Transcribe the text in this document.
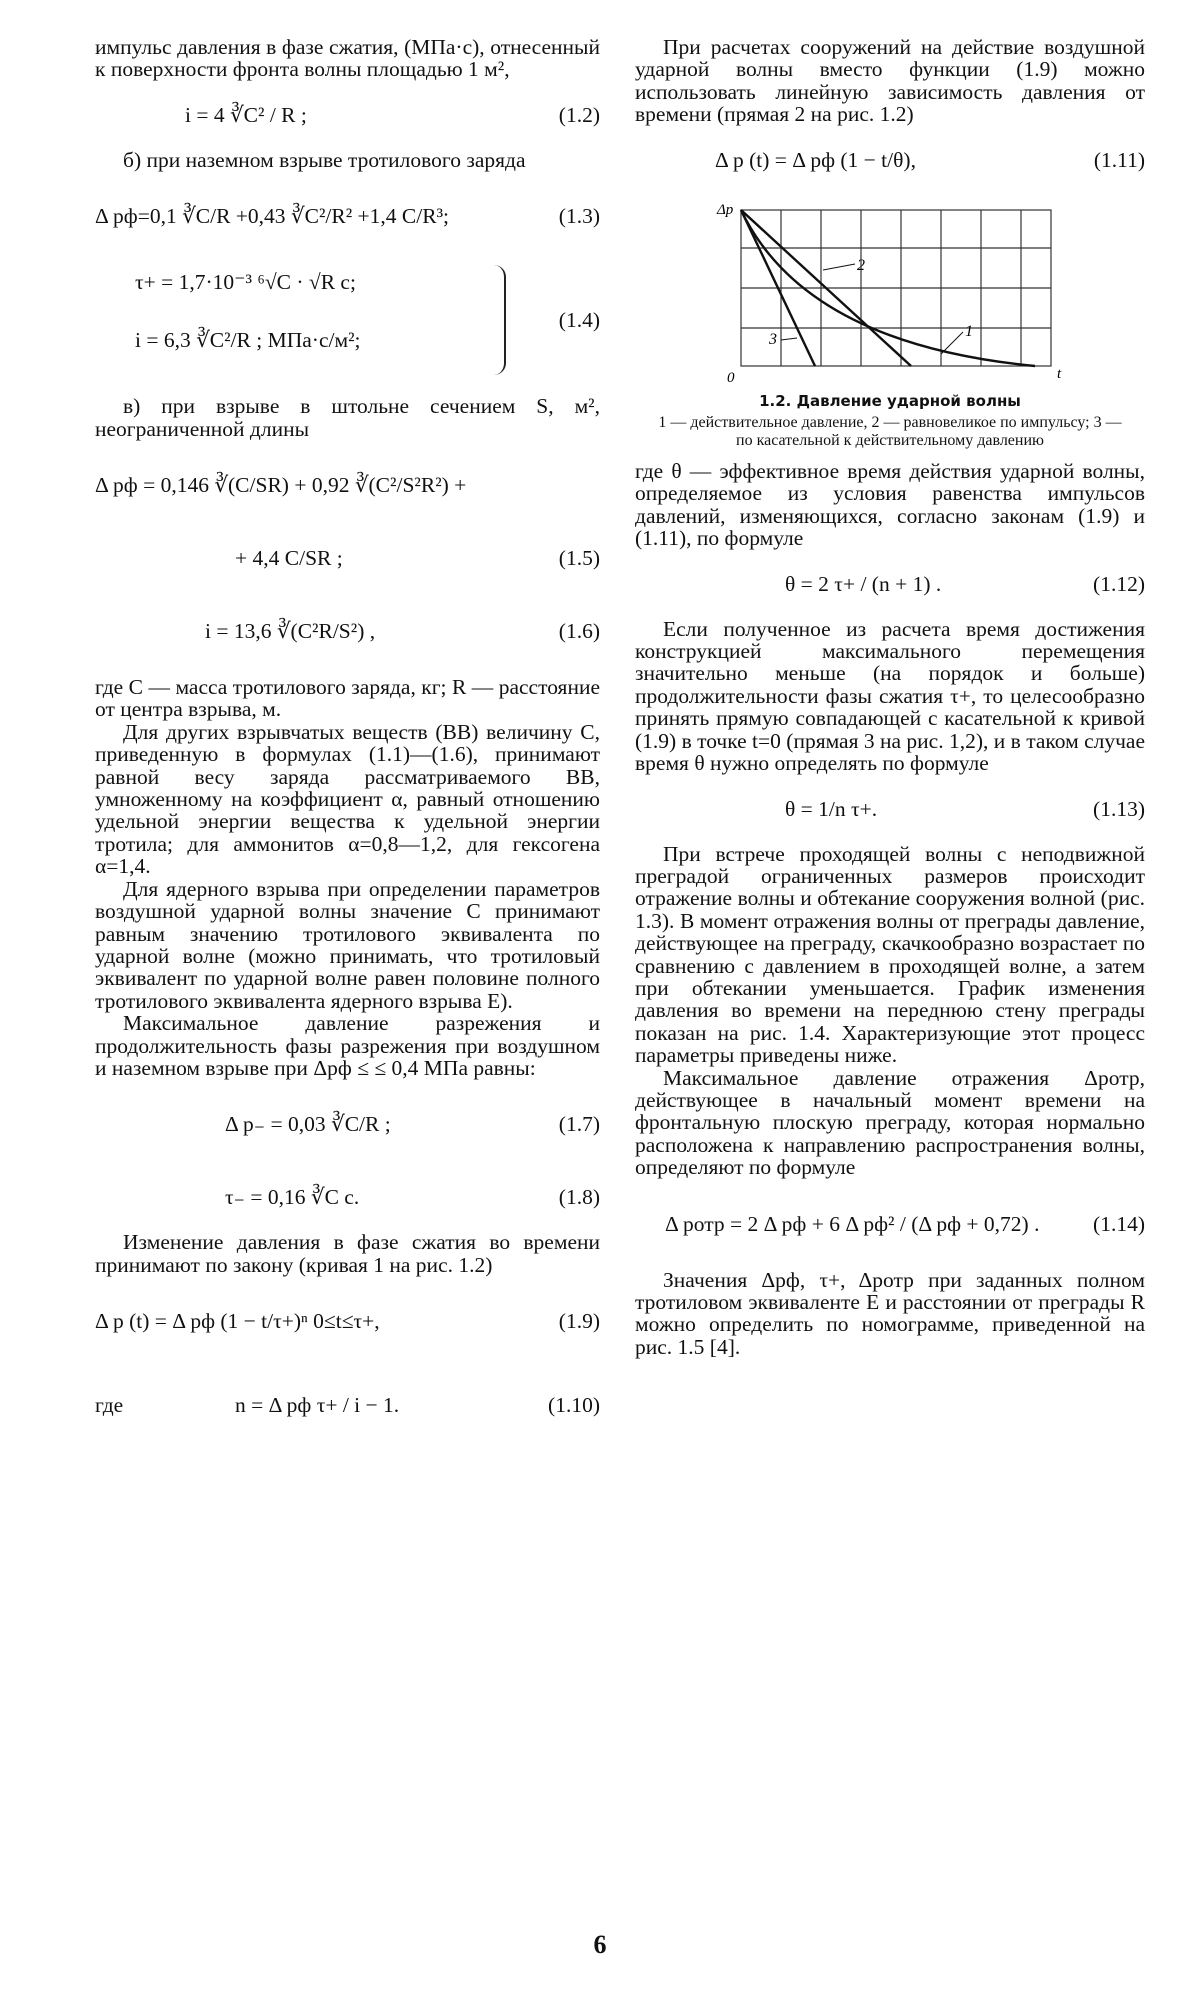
импульс давления в фазе сжатия, (МПа·с), отнесенный к поверхности фронта волны площадью 1 м²,

i = 4 ∛C² / R ;	(1.2)

б) при наземном взрыве тротилового заряда

Δ pф=0,1 ∛C/R +0,43 ∛C²/R² +1,4 C/R³;	(1.3)
τ+ = 1,7·10⁻³ ⁶√C · √R c;
i = 6,3 ∛C²/R ; МПа·с/м²;
(1.4)

в) при взрыве в штольне сечением S, м², неограниченной длины

Δ pф = 0,146 ∛(C/SR) + 0,92 ∛(C²/S²R²) +
+ 4,4 C/SR ;	(1.5)
i = 13,6 ∛(C²R/S²) ,	(1.6)

где C — масса тротилового заряда, кг; R — расстояние от центра взрыва, м.

Для других взрывчатых веществ (ВВ) величину C, приведенную в формулах (1.1)—(1.6), принимают равной весу заряда рассматриваемого ВВ, умноженному на коэффициент α, равный отношению удельной энергии вещества к удельной энергии тротила; для аммонитов α=0,8—1,2, для гексогена α=1,4.

Для ядерного взрыва при определении параметров воздушной ударной волны значение C принимают равным значению тротилового эквивалента по ударной волне (можно принимать, что тротиловый эквивалент по ударной волне равен половине полного тротилового эквивалента ядерного взрыва E).

Максимальное давление разрежения и продолжительность фазы разрежения при воздушном и наземном взрыве при Δpф ≤ ≤ 0,4 МПа равны:

Δ p₋ = 0,03 ∛C/R ;	(1.7)
τ₋ = 0,16 ∛C c.	(1.8)

Изменение давления в фазе сжатия во времени принимают по закону (кривая 1 на рис. 1.2)

Δ p (t) = Δ pф (1 − t/τ+)ⁿ 0≤t≤τ+,	(1.9)
где	n = Δ pф τ+ / i − 1.	(1.10)

При расчетах сооружений на действие воздушной ударной волны вместо функции (1.9) можно использовать линейную зависимость давления от времени (прямая 2 на рис. 1.2)

Δ p (t) = Δ pф (1 − t/θ),	(1.11)
Δp
t
0
2
3	1
1.2. Давление ударной волны
1 — действительное давление, 2 — равновеликое по импульсу; 3 — по касательной к действительному давлению

где θ — эффективное время действия ударной волны, определяемое из условия равенства импульсов давлений, изменяющихся, согласно законам (1.9) и (1.11), по формуле

θ = 2 τ+ / (n + 1) .	(1.12)

Если полученное из расчета время достижения конструкцией максимального перемещения значительно меньше (на порядок и больше) продолжительности фазы сжатия τ+, то целесообразно принять прямую совпадающей с касательной к кривой (1.9) в точке t=0 (прямая 3 на рис. 1,2), и в таком случае время θ нужно определять по формуле

θ = 1/n τ+.	(1.13)

При встрече проходящей волны с неподвижной преградой ограниченных размеров происходит отражение волны и обтекание сооружения волной (рис. 1.3). В момент отражения волны от преграды давление, действующее на преграду, скачкообразно возрастает по сравнению с давлением в проходящей волне, а затем при обтекании уменьшается. График изменения давления во времени на переднюю стену преграды показан на рис. 1.4. Характеризующие этот процесс параметры приведены ниже.

Максимальное давление отражения Δpотр, действующее в начальный момент времени на фронтальную плоскую преграду, которая нормально расположена к направлению распространения волны, определяют по формуле

Δ pотр = 2 Δ pф + 6 Δ pф² / (Δ pф + 0,72) . (1.14)

Значения Δpф, τ+, Δpотр при заданных полном тротиловом эквиваленте E и расстоянии от преграды R можно определить по номограмме, приведенной на рис. 1.5 [4].

6
